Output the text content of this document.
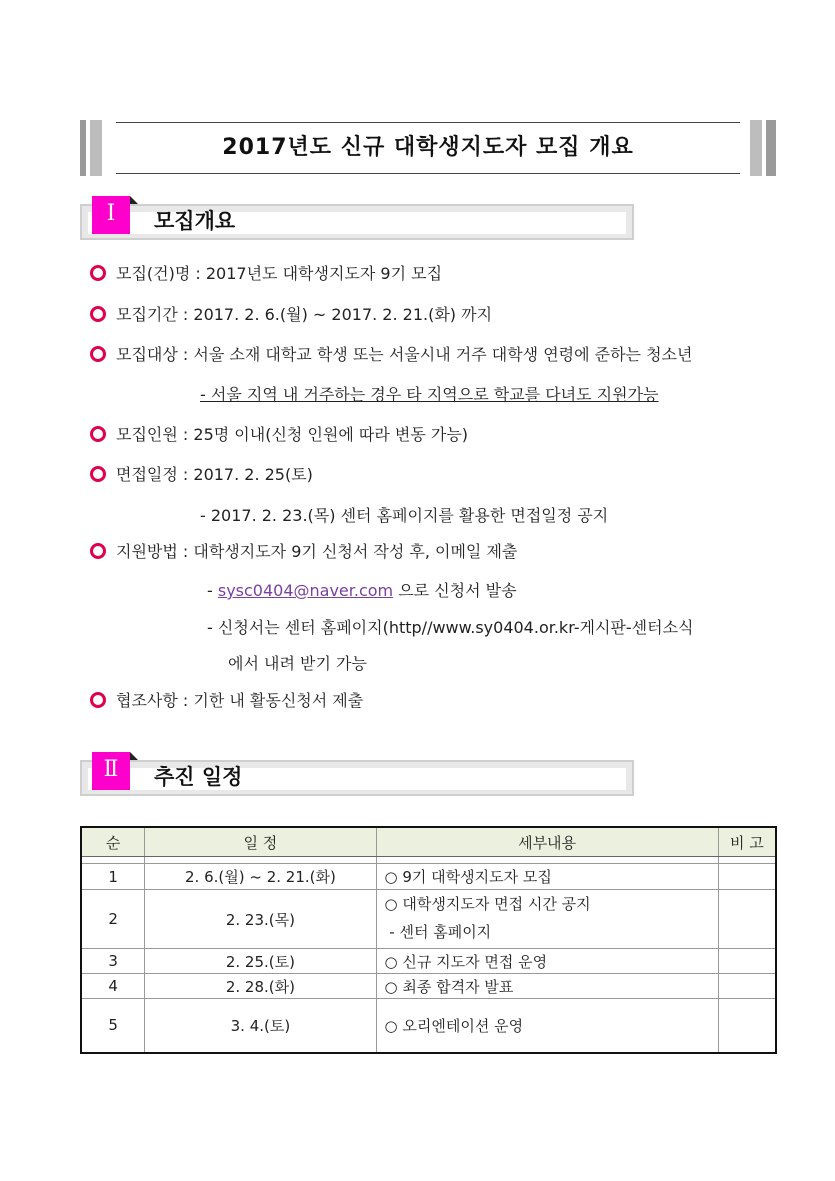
2017년도 신규 대학생지도자 모집 개요
Ⅰ	모집개요
모집(건)명 : 2017년도 대학생지도자 9기 모집
모집기간 : 2017. 2. 6.(월) ~ 2017. 2. 21.(화) 까지
모집대상 : 서울 소재 대학교 학생 또는 서울시내 거주 대학생 연령에 준하는 청소년
- 서울 지역 내 거주하는 경우 타 지역으로 학교를 다녀도 지원가능
모집인원 : 25명 이내(신청 인원에 따라 변동 가능)
면접일정 : 2017. 2. 25(토)
- 2017. 2. 23.(목) 센터 홈페이지를 활용한 면접일정 공지
지원방법 : 대학생지도자 9기 신청서 작성 후, 이메일 제출
- sysc0404@naver.com 으로 신청서 발송
- 신청서는 센터 홈페이지(http//www.sy0404.or.kr-게시판-센터소식
에서 내려 받기 가능
협조사항 : 기한 내 활동신청서 제출
Ⅱ	추진 일정
순	일 정	세부내용	비 고

1	2. 6.(월) ~ 2. 21.(화)	○ 9기 대학생지도자 모집	
2	2. 23.(목)	○ 대학생지도자 면접 시간 공지
- 센터 홈페이지	

3	2. 25.(토)	○ 신규 지도자 면접 운영	
4	2. 28.(화)	○ 최종 합격자 발표	
5	3. 4.(토)	○ 오리엔테이션 운영	
